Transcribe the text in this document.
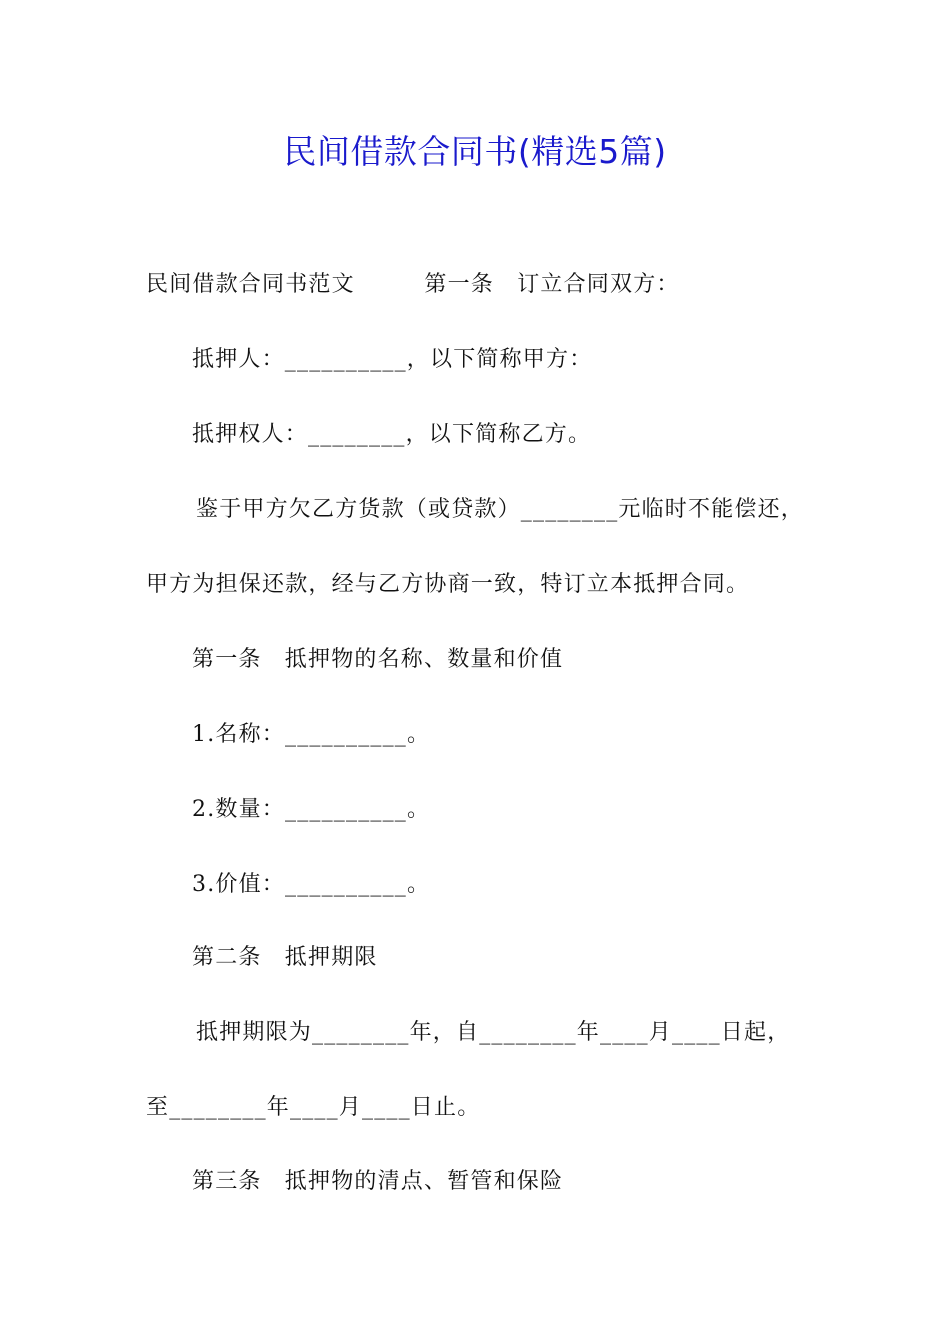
民间借款合同书(精选5篇)
民间借款合同书范文　　　第一条　订立合同双方：
抵押人：__________，以下简称甲方：
抵押权人：________，以下简称乙方。
鉴于甲方欠乙方货款（或贷款）________元临时不能偿还，
甲方为担保还款，经与乙方协商一致，特订立本抵押合同。
第一条　抵押物的名称、数量和价值
1.名称：__________。
2.数量：__________。
3.价值：__________。
第二条　抵押期限
抵押期限为________年，自________年____月____日起，
至________年____月____日止。
第三条　抵押物的清点、暂管和保险
